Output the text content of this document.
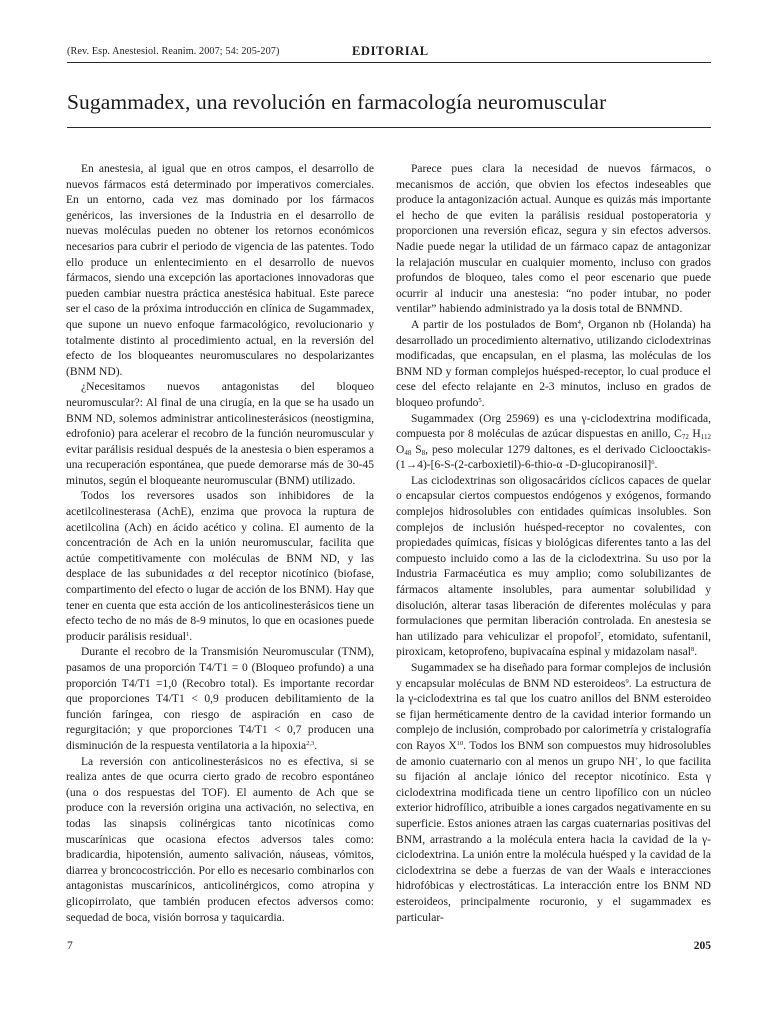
(Rev. Esp. Anestesiol. Reanim. 2007; 54: 205-207)	EDITORIAL
Sugammadex, una revolución en farmacología neuromuscular

En anestesia, al igual que en otros campos, el desarrollo de nuevos fármacos está determinado por imperativos comerciales. En un entorno, cada vez mas dominado por los fármacos genéricos, las inversiones de la Industria en el desarrollo de nuevas moléculas pueden no obtener los retornos económicos necesarios para cubrir el periodo de vigencia de las patentes. Todo ello produce un enlentecimiento en el desarrollo de nuevos fármacos, siendo una excepción las aportaciones innovadoras que pueden cambiar nuestra práctica anestésica habitual. Este parece ser el caso de la próxima introducción en clínica de Sugammadex, que supone un nuevo enfoque farmacológico, revolucionario y totalmente distinto al procedimiento actual, en la reversión del efecto de los bloqueantes neuromusculares no despolarizantes (BNM ND).

¿Necesitamos nuevos antagonistas del bloqueo neuromuscular?: Al final de una cirugía, en la que se ha usado un BNM ND, solemos administrar anticolinesterásicos (neostigmina, edrofonio) para acelerar el recobro de la función neuromuscular y evitar parálisis residual después de la anestesia o bien esperamos a una recuperación espontánea, que puede demorarse más de 30-45 minutos, según el bloqueante neuromuscular (BNM) utilizado.

Todos los reversores usados son inhibidores de la acetilcolinesterasa (AchE), enzima que provoca la ruptura de acetilcolina (Ach) en ácido acético y colina. El aumento de la concentración de Ach en la unión neuromuscular, facilita que actúe competitivamente con moléculas de BNM ND, y las desplace de las subunidades α del receptor nicotínico (biofase, compartimento del efecto o lugar de acción de los BNM). Hay que tener en cuenta que esta acción de los anticolinesterásicos tiene un efecto techo de no más de 8-9 minutos, lo que en ocasiones puede producir parálisis residual$^1$.

Durante el recobro de la Transmisión Neuromuscular (TNM), pasamos de una proporción T4/T1 = 0 (Bloqueo profundo) a una proporción T4/T1 =1,0 (Recobro total). Es importante recordar que proporciones T4/T1 < 0,9 producen debilitamiento de la función faríngea, con riesgo de aspiración en caso de regurgitación; y que proporciones T4/T1 < 0,7 producen una disminución de la respuesta ventilatoria a la hipoxia$^{2,3}$.

La reversión con anticolinesterásicos no es efectiva, si se realiza antes de que ocurra cierto grado de recobro espontáneo (una o dos respuestas del TOF). El aumento de Ach que se produce con la reversión origina una activación, no selectiva, en todas las sinapsis colinérgicas tanto nicotínicas como muscarínicas que ocasiona efectos adversos tales como: bradicardia, hipotensión, aumento salivación, náuseas, vómitos, diarrea y broncocostricción. Por ello es necesario combinarlos con antagonistas muscarínicos, anticolinérgicos, como atropina y glicopirrolato, que también producen efectos adversos como: sequedad de boca, visión borrosa y taquicardia.

Parece pues clara la necesidad de nuevos fármacos, o mecanismos de acción, que obvien los efectos indeseables que produce la antagonización actual. Aunque es quizás más importante el hecho de que eviten la parálisis residual postoperatoria y proporcionen una reversión eficaz, segura y sin efectos adversos. Nadie puede negar la utilidad de un fármaco capaz de antagonizar la relajación muscular en cualquier momento, incluso con grados profundos de bloqueo, tales como el peor escenario que puede ocurrir al inducir una anestesia: “no poder intubar, no poder ventilar” habiendo administrado ya la dosis total de BNMND.

A partir de los postulados de Bom$^4$, Organon nb (Holanda) ha desarrollado un procedimiento alternativo, utilizando ciclodextrinas modificadas, que encapsulan, en el plasma, las moléculas de los BNM ND y forman complejos huésped-receptor, lo cual produce el cese del efecto relajante en 2-3 minutos, incluso en grados de bloqueo profundo$^5$.

Sugammadex (Org 25969) es una γ-ciclodextrina modificada, compuesta por 8 moléculas de azúcar dispuestas en anillo, $C_{72}$ $H_{112}$ $O_{48}$ $S_8$, peso molecular 1279 daltones, es el derivado Ciclooctakis-(1→4)-[6-S-(2-carboxietil)-6-thio-α -D-glucopiranosil]$^6$.

Las ciclodextrinas son oligosacáridos cíclicos capaces de quelar o encapsular ciertos compuestos endógenos y exógenos, formando complejos hidrosolubles con entidades químicas insolubles. Son complejos de inclusión huésped-receptor no covalentes, con propiedades químicas, físicas y biológicas diferentes tanto a las del compuesto incluido como a las de la ciclodextrina. Su uso por la Industria Farmacéutica es muy amplio; como solubilizantes de fármacos altamente insolubles, para aumentar solubilidad y disolución, alterar tasas liberación de diferentes moléculas y para formulaciones que permitan liberación controlada. En anestesia se han utilizado para vehiculizar el propofol$^7$, etomidato, sufentanil, piroxicam, ketoprofeno, bupivacaína espinal y midazolam nasal$^8$.

Sugammadex se ha diseñado para formar complejos de inclusión y encapsular moléculas de BNM ND esteroideos$^9$. La estructura de la γ-ciclodextrina es tal que los cuatro anillos del BNM esteroideo se fijan herméticamente dentro de la cavidad interior formando un complejo de inclusión, comprobado por calorimetría y cristalografía con Rayos $X^{10}$. Todos los BNM son compuestos muy hidrosolubles de amonio cuaternario con al menos un grupo NH+, lo que facilita su fijación al anclaje iónico del receptor nicotínico. Esta γ ciclodextrina modificada tiene un centro lipofílico con un núcleo exterior hidrofílico, atribuible a iones cargados negativamente en su superficie. Estos aniones atraen las cargas cuaternarias positivas del BNM, arrastrando a la molécula entera hacia la cavidad de la γ-ciclodextrina. La unión entre la molécula huésped y la cavidad de la ciclodextrina se debe a fuerzas de van der Waals e interacciones hidrofóbicas y electrostáticas. La interacción entre los BNM ND esteroideos, principalmente rocuronio, y el sugammadex es particular-

7	205
